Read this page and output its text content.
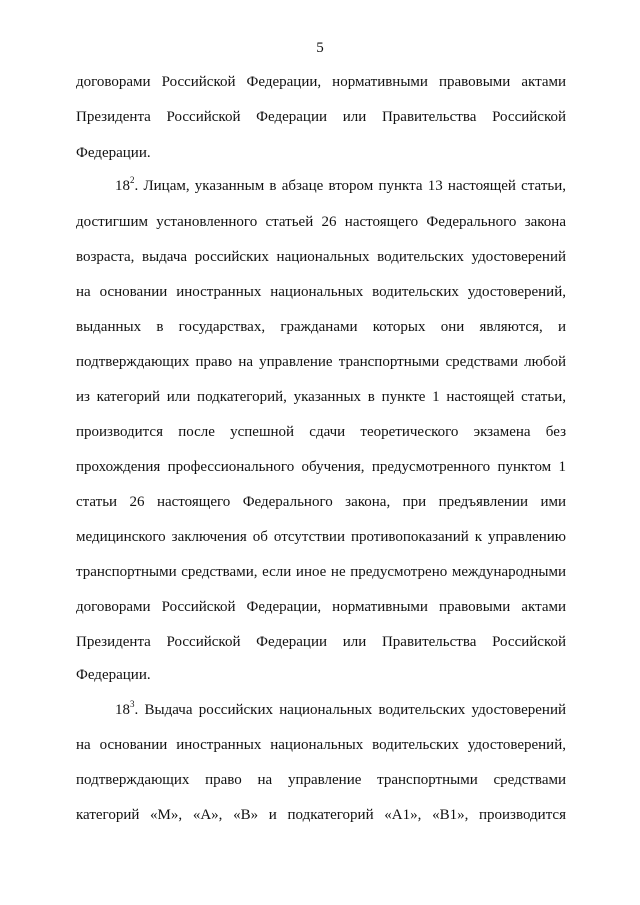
5
договорами Российской Федерации, нормативными правовыми актами
Президента Российской Федерации или Правительства Российской
Федерации.
$18^2$. Лицам, указанным в абзаце втором пункта 13 настоящей статьи,
достигшим установленного статьей 26 настоящего Федерального закона
возраста, выдача российских национальных водительских удостоверений
на основании иностранных национальных водительских удостоверений,
выданных в государствах, гражданами которых они являются, и
подтверждающих право на управление транспортными средствами любой
из категорий или подкатегорий, указанных в пункте 1 настоящей статьи,
производится после успешной сдачи теоретического экзамена без
прохождения профессионального обучения, предусмотренного пунктом 1
статьи 26 настоящего Федерального закона, при предъявлении ими
медицинского заключения об отсутствии противопоказаний к управлению
транспортными средствами, если иное не предусмотрено международными
договорами Российской Федерации, нормативными правовыми актами
Президента Российской Федерации или Правительства Российской
Федерации.
$18^3$. Выдача российских национальных водительских удостоверений
на основании иностранных национальных водительских удостоверений,
подтверждающих право на управление транспортными средствами
категорий «М», «А», «В» и подкатегорий «А1», «В1», производится
